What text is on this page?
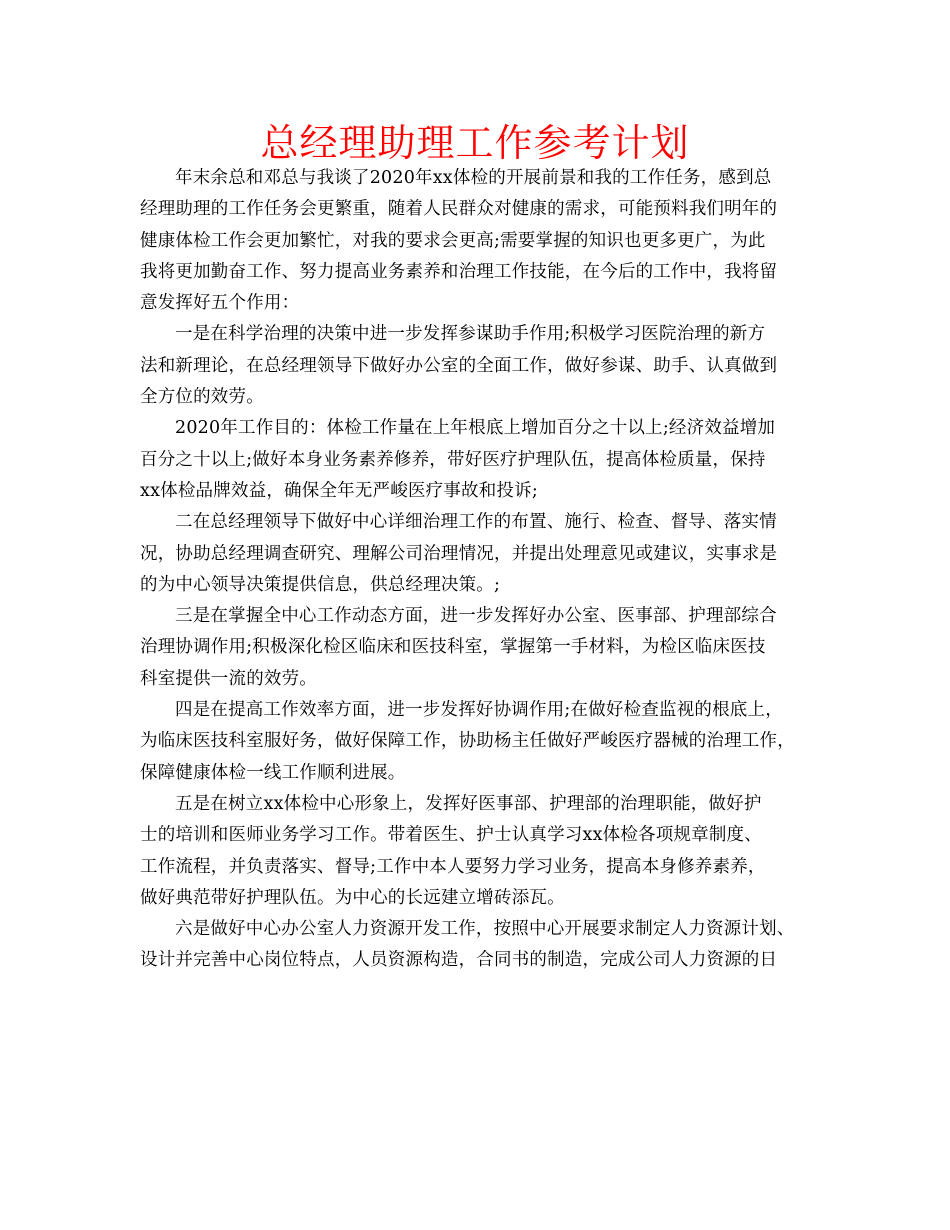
总经理助理工作参考计划

年末余总和邓总与我谈了2020年xx体检的开展前景和我的工作任务，感到总
经理助理的工作任务会更繁重，随着人民群众对健康的需求，可能预料我们明年的
健康体检工作会更加繁忙，对我的要求会更高;需要掌握的知识也更多更广，为此
我将更加勤奋工作、努力提高业务素养和治理工作技能，在今后的工作中，我将留
意发挥好五个作用：

一是在科学治理的决策中进一步发挥参谋助手作用;积极学习医院治理的新方
法和新理论，在总经理领导下做好办公室的全面工作，做好参谋、助手、认真做到
全方位的效劳。

2020年工作目的：体检工作量在上年根底上增加百分之十以上;经济效益增加
百分之十以上;做好本身业务素养修养，带好医疗护理队伍，提高体检质量，保持
xx体检品牌效益，确保全年无严峻医疗事故和投诉;

二在总经理领导下做好中心详细治理工作的布置、施行、检查、督导、落实情
况，协助总经理调查研究、理解公司治理情况，并提出处理意见或建议，实事求是
的为中心领导决策提供信息，供总经理决策。;

三是在掌握全中心工作动态方面，进一步发挥好办公室、医事部、护理部综合
治理协调作用;积极深化检区临床和医技科室，掌握第一手材料，为检区临床医技
科室提供一流的效劳。

四是在提高工作效率方面，进一步发挥好协调作用;在做好检查监视的根底上，
为临床医技科室服好务，做好保障工作，协助杨主任做好严峻医疗器械的治理工作，
保障健康体检一线工作顺利进展。

五是在树立xx体检中心形象上，发挥好医事部、护理部的治理职能，做好护
士的培训和医师业务学习工作。带着医生、护士认真学习xx体检各项规章制度、
工作流程，并负责落实、督导;工作中本人要努力学习业务，提高本身修养素养，
做好典范带好护理队伍。为中心的长远建立增砖添瓦。

六是做好中心办公室人力资源开发工作，按照中心开展要求制定人力资源计划、
设计并完善中心岗位特点，人员资源构造，合同书的制造，完成公司人力资源的日
